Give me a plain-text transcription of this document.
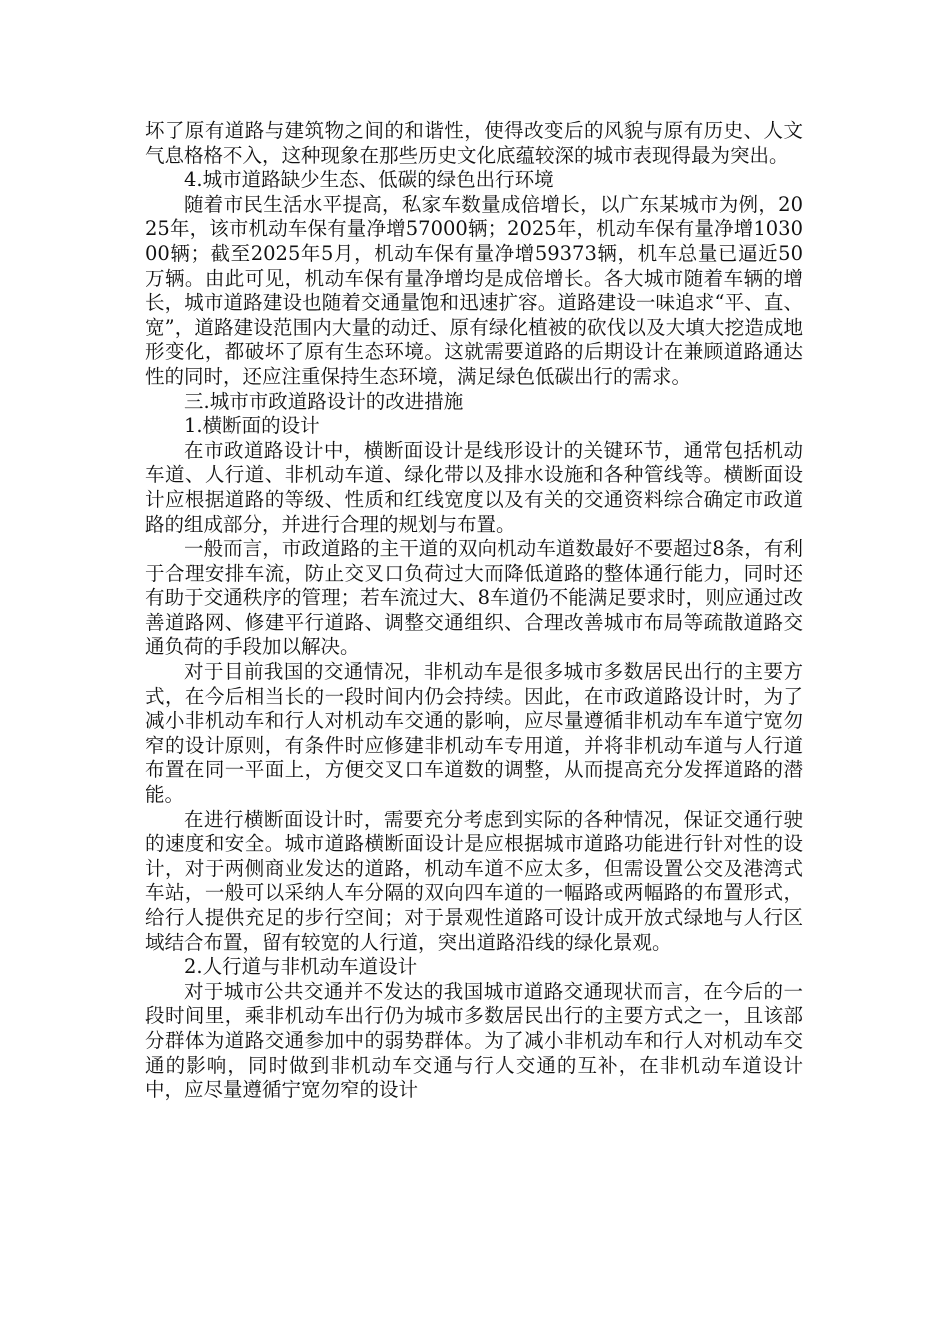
坏了原有道路与建筑物之间的和谐性，使得改变后的风貌与原有历史、人文气息格格不入，这种现象在那些历史文化底蕴较深的城市表现得最为突出。

4.城市道路缺少生态、低碳的绿色出行环境

随着市民生活水平提高，私家车数量成倍增长，以广东某城市为例，2025年，该市机动车保有量净增57000辆；2025年，机动车保有量净增103000辆；截至2025年5月，机动车保有量净增59373辆，机车总量已逼近50万辆。由此可见，机动车保有量净增均是成倍增长。各大城市随着车辆的增长，城市道路建设也随着交通量饱和迅速扩容。道路建设一味追求“平、直、宽”，道路建设范围内大量的动迁、原有绿化植被的砍伐以及大填大挖造成地形变化，都破坏了原有生态环境。这就需要道路的后期设计在兼顾道路通达性的同时，还应注重保持生态环境，满足绿色低碳出行的需求。

三.城市市政道路设计的改进措施

1.横断面的设计

在市政道路设计中，横断面设计是线形设计的关键环节，通常包括机动车道、人行道、非机动车道、绿化带以及排水设施和各种管线等。横断面设计应根据道路的等级、性质和红线宽度以及有关的交通资料综合确定市政道路的组成部分，并进行合理的规划与布置。

一般而言，市政道路的主干道的双向机动车道数最好不要超过8条，有利于合理安排车流，防止交叉口负荷过大而降低道路的整体通行能力，同时还有助于交通秩序的管理；若车流过大、8车道仍不能满足要求时，则应通过改善道路网、修建平行道路、调整交通组织、合理改善城市布局等疏散道路交通负荷的手段加以解决。

对于目前我国的交通情况，非机动车是很多城市多数居民出行的主要方式，在今后相当长的一段时间内仍会持续。因此，在市政道路设计时，为了减小非机动车和行人对机动车交通的影响，应尽量遵循非机动车车道宁宽勿窄的设计原则，有条件时应修建非机动车专用道，并将非机动车道与人行道布置在同一平面上，方便交叉口车道数的调整，从而提高充分发挥道路的潜能。

在进行横断面设计时，需要充分考虑到实际的各种情况，保证交通行驶的速度和安全。城市道路横断面设计是应根据城市道路功能进行针对性的设计，对于两侧商业发达的道路，机动车道不应太多，但需设置公交及港湾式车站，一般可以采纳人车分隔的双向四车道的一幅路或两幅路的布置形式，给行人提供充足的步行空间；对于景观性道路可设计成开放式绿地与人行区域结合布置，留有较宽的人行道，突出道路沿线的绿化景观。

2.人行道与非机动车道设计

对于城市公共交通并不发达的我国城市道路交通现状而言，在今后的一段时间里，乘非机动车出行仍为城市多数居民出行的主要方式之一，且该部分群体为道路交通参加中的弱势群体。为了减小非机动车和行人对机动车交通的影响，同时做到非机动车交通与行人交通的互补，在非机动车道设计中，应尽量遵循宁宽勿窄的设计
